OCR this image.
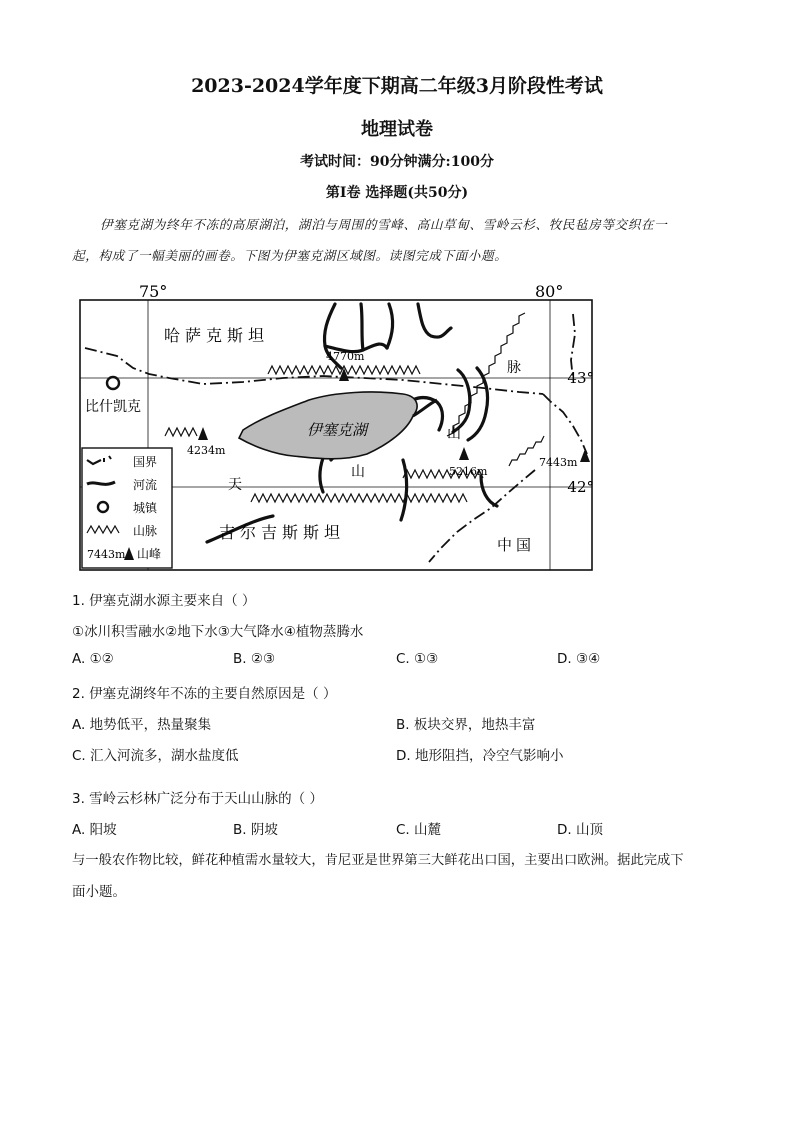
2023-2024学年度下期高二年级3月阶段性考试
地理试卷
考试时间：90分钟满分:100分
第Ⅰ卷 选择题(共50分)
伊塞克湖为终年不冻的高原湖泊，湖泊与周围的雪峰、高山草甸、雪岭云杉、牧民毡房等交织在一
起，构成了一幅美丽的画卷。下图为伊塞克湖区域图。读图完成下面小题。
75°	80°
43°
42°
伊塞克湖
4770m
4234m
5216m
7443m
比什凯克
哈萨克斯坦
吉尔吉斯斯坦
中国
天
山
山
脉
国界
河流
城镇
山脉
7443m 山峰
1. 伊塞克湖水源主要来自（ ）
①冰川积雪融水②地下水③大气降水④植物蒸腾水
A. ①②	B. ②③	C. ①③	D. ③④
2. 伊塞克湖终年不冻的主要自然原因是（ ）
A. 地势低平，热量聚集	B. 板块交界，地热丰富
C. 汇入河流多，湖水盐度低	D. 地形阻挡，冷空气影响小
3. 雪岭云杉林广泛分布于天山山脉的（ ）
A. 阳坡	B. 阴坡	C. 山麓	D. 山顶
与一般农作物比较，鲜花种植需水量较大，肯尼亚是世界第三大鲜花出口国，主要出口欧洲。据此完成下
面小题。
